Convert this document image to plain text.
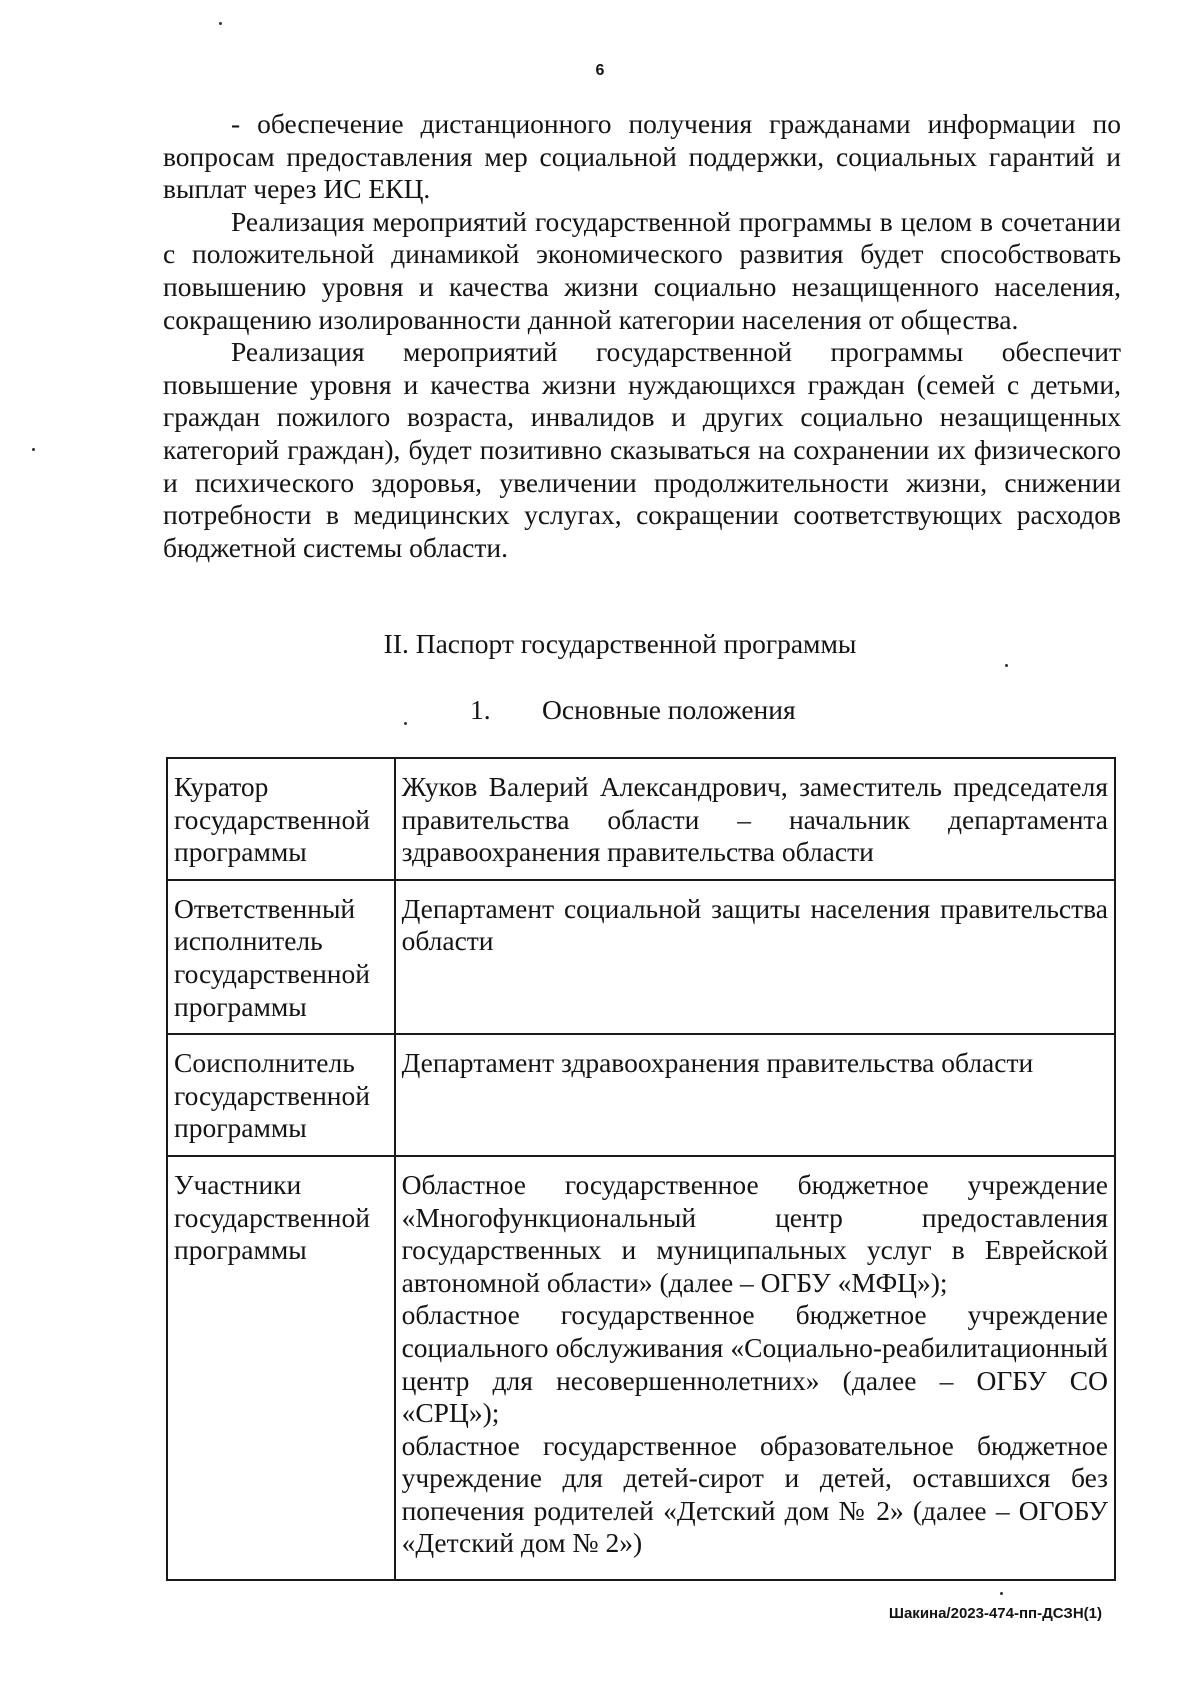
6

- обеспечение дистанционного получения гражданами информации по вопросам предоставления мер социальной поддержки, социальных гарантий и выплат через ИС ЕКЦ.

Реализация мероприятий государственной программы в целом в сочетании с положительной динамикой экономического развития будет способствовать повышению уровня и качества жизни социально незащищенного населения, сокращению изолированности данной категории населения от общества.

Реализация мероприятий государственной программы обеспечит повышение уровня и качества жизни нуждающихся граждан (семей с детьми, граждан пожилого возраста, инвалидов и других социально незащищенных категорий граждан), будет позитивно сказываться на сохранении их физического и психического здоровья, увеличении продолжительности жизни, снижении потребности в медицинских услугах, сокращении соответствующих расходов бюджетной системы области.

II. Паспорт государственной программы
1. Основные положения
Куратор государственной программы	Жуков Валерий Александрович, заместитель председателя правительства области – начальник департамента здравоохранения правительства области

Ответственный исполнитель государственной программы	Департамент социальной защиты населения правительства области

Соисполнитель государственной программы	Департамент здравоохранения правительства области

Участники государственной программы	Областное государственное бюджетное учреждение «Многофункциональный центр предоставления государственных и муниципальных услуг в Еврейской автономной области» (далее – ОГБУ «МФЦ»);

областное государственное бюджетное учреждение социального обслуживания «Социально-реабилитационный центр для несовершеннолетних» (далее – ОГБУ СО «СРЦ»);

областное государственное образовательное бюджетное учреждение для детей-сирот и детей, оставшихся без попечения родителей «Детский дом № 2» (далее – ОГОБУ «Детский дом № 2»)

Шакина/2023-474-пп-ДСЗН(1)
